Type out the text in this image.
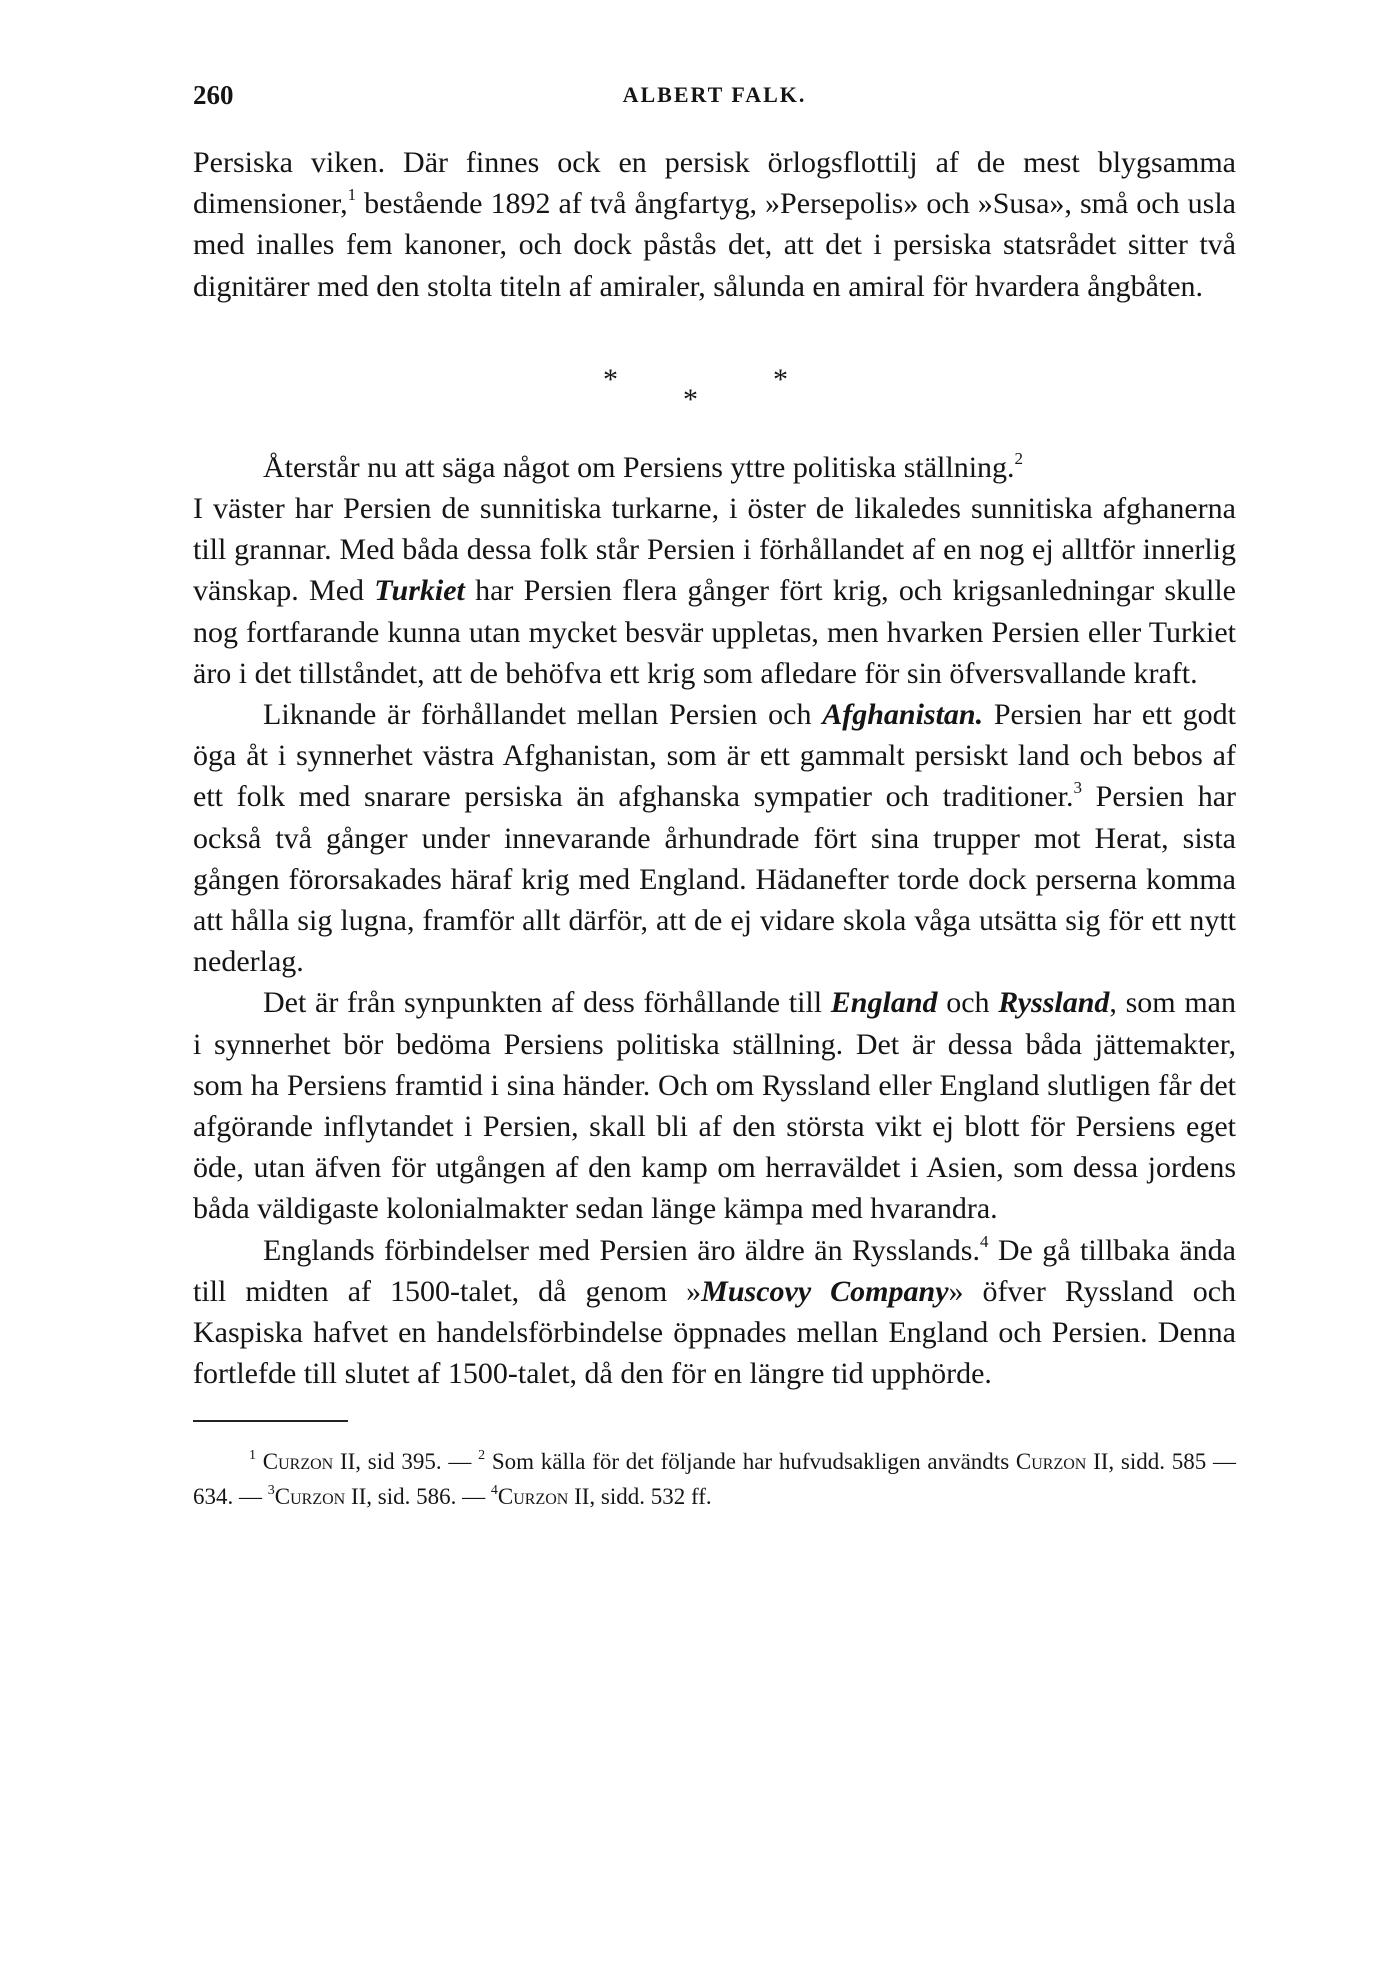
260	ALBERT FALK.

Persiska viken. Där finnes ock en persisk örlogsflottilj af de mest blygsamma dimensioner,$^1$ bestående 1892 af två ångfartyg, »Persepolis» och »Susa», små och usla med inalles fem kanoner, och dock påstås det, att det i persiska statsrådet sitter två dignitärer med den stolta titeln af amiraler, sålunda en amiral för hvardera ångbåten.

*
*
*

Återstår nu att säga något om Persiens yttre politiska ställning.$^2$

I väster har Persien de sunnitiska turkarne, i öster de likaledes sunnitiska afghanerna till grannar. Med båda dessa folk står Persien i förhållandet af en nog ej alltför innerlig vänskap. Med Turkiet har Persien flera gånger fört krig, och krigsanledningar skulle nog fortfarande kunna utan mycket besvär uppletas, men hvarken Persien eller Turkiet äro i det tillståndet, att de behöfva ett krig som afledare för sin öfversvallande kraft.

Liknande är förhållandet mellan Persien och Afghanistan. Persien har ett godt öga åt i synnerhet västra Afghanistan, som är ett gammalt persiskt land och bebos af ett folk med snarare persiska än afghanska sympatier och traditioner.$^3$ Persien har också två gånger under innevarande århundrade fört sina trupper mot Herat, sista gången förorsakades häraf krig med England. Hädanefter torde dock perserna komma att hålla sig lugna, framför allt därför, att de ej vidare skola våga utsätta sig för ett nytt nederlag.

Det är från synpunkten af dess förhållande till England och Ryssland, som man i synnerhet bör bedöma Persiens politiska ställning. Det är dessa båda jättemakter, som ha Persiens framtid i sina händer. Och om Ryssland eller England slutligen får det afgörande inflytandet i Persien, skall bli af den största vikt ej blott för Persiens eget öde, utan äfven för utgången af den kamp om herraväldet i Asien, som dessa jordens båda väldigaste kolonialmakter sedan länge kämpa med hvarandra.

Englands förbindelser med Persien äro äldre än Rysslands.$^4$ De gå tillbaka ända till midten af 1500-talet, då genom »Muscovy Company» öfver Ryssland och Kaspiska hafvet en handelsförbindelse öppnades mellan England och Persien. Denna fortlefde till slutet af 1500-talet, då den för en längre tid upphörde.

$^1$ Curzon II, sid 395. — $^2$ Som källa för det följande har hufvudsakligen användts Curzon II, sidd. 585 — 634. — $^3$Curzon II, sid. 586. — $^4$Curzon II, sidd. 532 ff.
